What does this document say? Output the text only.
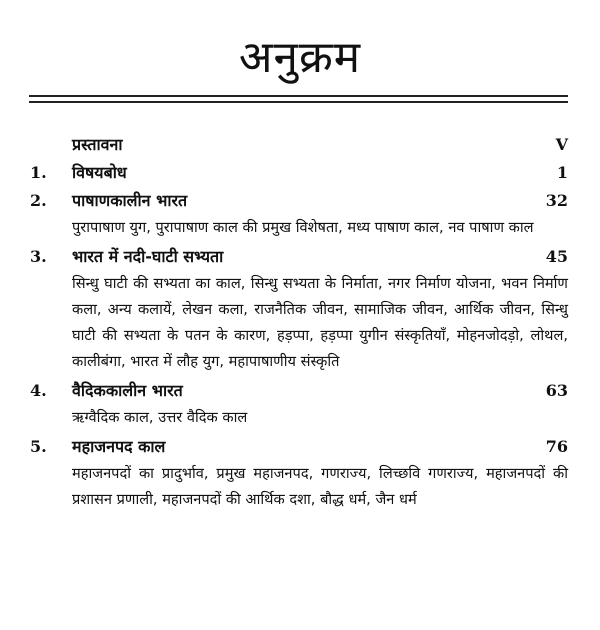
अनुक्रम
प्रस्तावना	V
1. विषयबोध	1
2. पाषाणकालीन भारत	32
पुरापाषाण युग, पुरापाषाण काल की प्रमुख विशेषता, मध्य पाषाण काल, नव पाषाण काल
3. भारत में नदी-घाटी सभ्यता	45
सिन्धु घाटी की सभ्यता का काल, सिन्धु सभ्यता के निर्माता, नगर निर्माण योजना, भवन निर्माण कला, अन्य कलायें, लेखन कला, राजनैतिक जीवन, सामाजिक जीवन, आर्थिक जीवन, सिन्धु घाटी की सभ्यता के पतन के कारण, हड़प्पा, हड़प्पा युगीन संस्कृतियाँ, मोहनजोदड़ो, लोथल, कालीबंगा, भारत में लौह युग, महापाषाणीय संस्कृति
4. वैदिककालीन भारत	63
ऋग्वैदिक काल, उत्तर वैदिक काल
5. महाजनपद काल	76
महाजनपदों का प्रादुर्भाव, प्रमुख महाजनपद, गणराज्य, लिच्छवि गणराज्य, महाजनपदों की प्रशासन प्रणाली, महाजनपदों की आर्थिक दशा, बौद्ध धर्म, जैन धर्म
